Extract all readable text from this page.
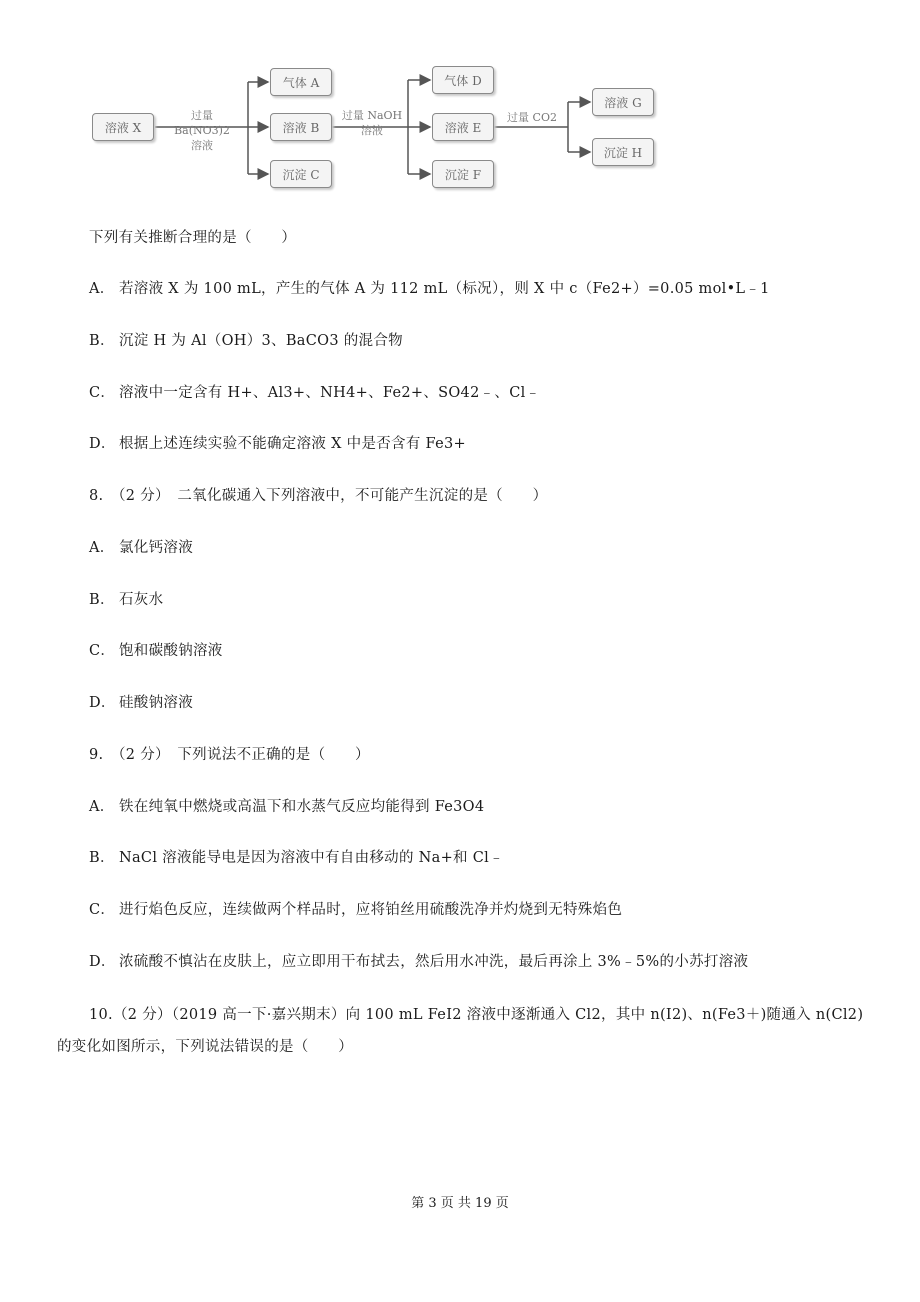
溶液 X
过量 Ba(NO3)2
溶液
气体 A
溶液 B
沉淀 C
过量 NaOH
溶液
气体 D
溶液 E
沉淀 F
过量 CO2
溶液 G
沉淀 H
下列有关推断合理的是（　　）
A． 若溶液 X 为 100 mL，产生的气体 A 为 112 mL（标况），则 X 中 c（Fe2+）=0.05 mol•L﹣1
B． 沉淀 H 为 Al（OH）3、BaCO3 的混合物
C． 溶液中一定含有 H+、Al3+、NH4+、Fe2+、SO42﹣、Cl﹣
D． 根据上述连续实验不能确定溶液 X 中是否含有 Fe3+
8.　（2 分）　二氧化碳通入下列溶液中，不可能产生沉淀的是（　　）
A． 氯化钙溶液
B． 石灰水
C． 饱和碳酸钠溶液
D． 硅酸钠溶液
9.　（2 分）　下列说法不正确的是（　　）
A． 铁在纯氧中燃烧或高温下和水蒸气反应均能得到 Fe3O4
B． NaCl 溶液能导电是因为溶液中有自由移动的 Na+和 Cl﹣
C． 进行焰色反应，连续做两个样品时，应将铂丝用硫酸洗净并灼烧到无特殊焰色
D． 浓硫酸不慎沾在皮肤上，应立即用干布拭去，然后用水冲洗，最后再涂上 3%﹣5%的小苏打溶液
10.（2 分）（2019 高一下·嘉兴期末）向 100 mL FeI2 溶液中逐渐通入 Cl2，其中 n(I2)、n(Fe3＋)随通入 n(Cl2)
的变化如图所示，下列说法错误的是（　　）
第 3 页 共 19 页
